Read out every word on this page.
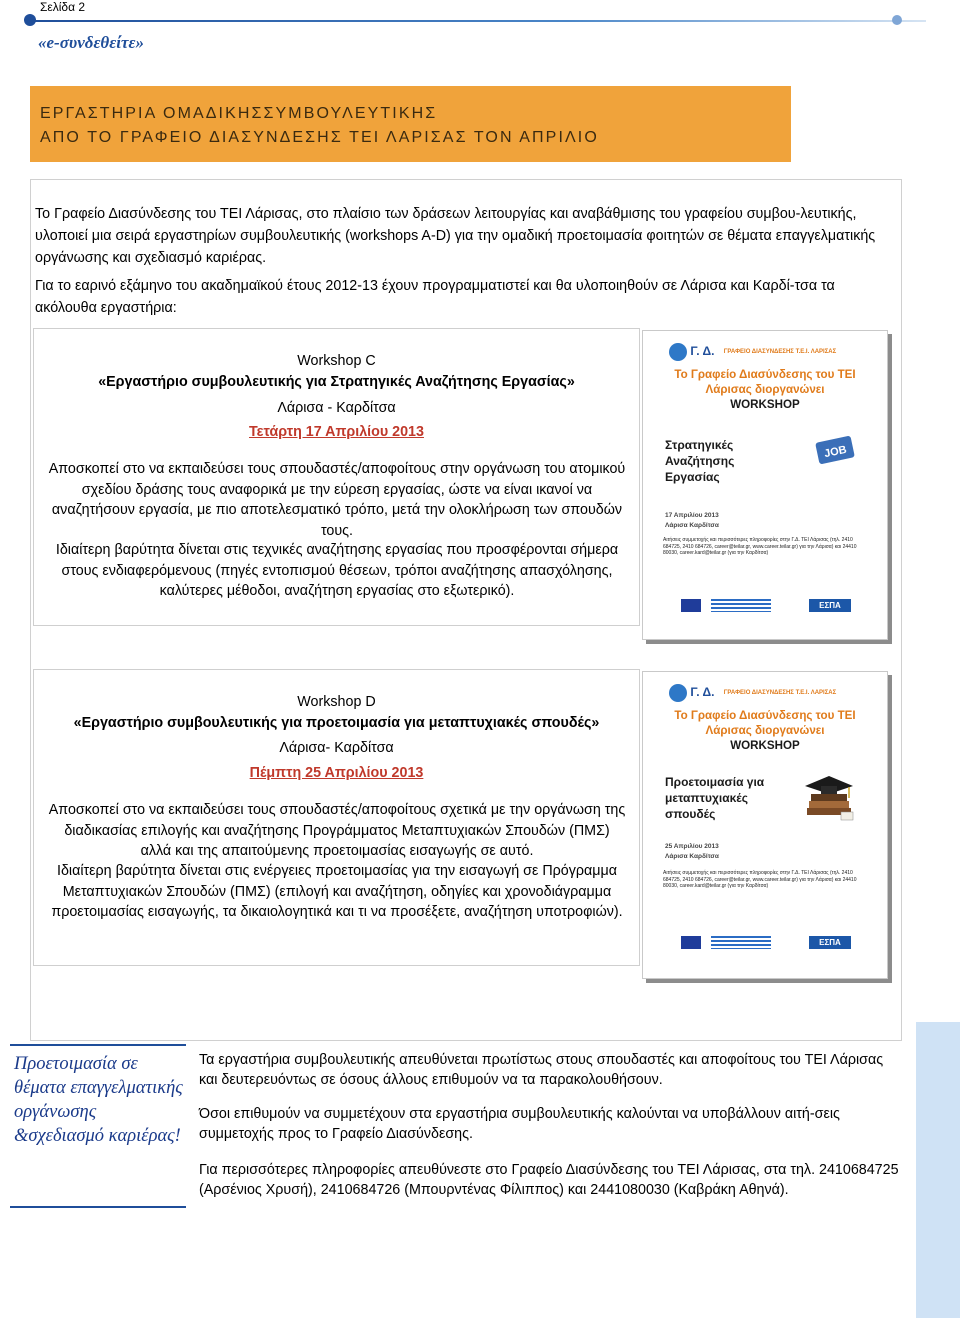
Σελίδα 2
«e-συνδεθείτε»
ΕΡΓΑΣΤΗΡΙΑ ΟΜΑΔΙΚΗΣΣΥΜΒΟΥΛΕΥΤΙΚΗΣ
ΑΠΟ ΤΟ ΓΡΑΦΕΙΟ ΔΙΑΣΥΝΔΕΣΗΣ ΤΕΙ ΛΑΡΙΣΑΣ ΤΟΝ ΑΠΡΙΛΙΟ
Το Γραφείο Διασύνδεσης του ΤΕΙ Λάρισας, στο πλαίσιο των δράσεων λειτουργίας και αναβάθμισης του γραφείου συμβου-λευτικής, υλοποιεί μια σειρά εργαστηρίων συμβουλευτικής (workshops A-D) για την ομαδική προετοιμασία φοιτητών σε θέματα επαγγελματικής οργάνωσης και σχεδιασμό καριέρας.
Για το εαρινό εξάμηνο του ακαδημαϊκού έτους 2012-13 έχουν προγραμματιστεί και θα υλοποιηθούν σε Λάρισα και Καρδί-τσα τα ακόλουθα εργαστήρια:
Workshop C
«Εργαστήριο συμβουλευτικής για Στρατηγικές Αναζήτησης Εργασίας»
Λάρισα - Καρδίτσα
Τετάρτη 17 Απριλίου 2013
Αποσκοπεί στο να εκπαιδεύσει τους σπουδαστές/αποφοίτους στην οργάνωση του ατομικού σχεδίου δράσης τους αναφορικά με την εύρεση εργασίας, ώστε να είναι ικανοί να αναζητήσουν εργασία, με πιο αποτελεσματικό τρόπο, μετά την ολοκλήρωση των σπουδών τους.
Ιδιαίτερη βαρύτητα δίνεται στις τεχνικές αναζήτησης εργασίας που προσφέρονται σήμερα στους ενδιαφερόμενους (πηγές εντοπισμού θέσεων, τρόποι αναζήτησης απασχόλησης, καλύτερες μέθοδοι, αναζήτηση εργασίας στο εξωτερικό).
Γ. Δ. ΓΡΑΦΕΙΟ ΔΙΑΣΥΝΔΕΣΗΣ Τ.Ε.Ι. ΛΑΡΙΣΑΣ
Το Γραφείο Διασύνδεσης του ΤΕΙ
Λάρισας διοργανώνει
WORKSHOP
Στρατηγικές
Αναζήτησης
Εργασίας
JOB
17 Απριλίου 2013
Λάρισα Καρδίτσα
Αιτήσεις συμμετοχής και περισσότερες πληροφορίες στην Γ.Δ. ΤΕΙ Λάρισας (τηλ. 2410 684725, 2410 684726, career@teilar.gr, www.career.teilar.gr) για την Λάρισα) και 24410 80030, career.kard@teilar.gr (για την Καρδίτσα)
ΕΣΠΑ
Workshop D
«Εργαστήριο συμβουλευτικής για προετοιμασία για μεταπτυχιακές σπουδές»
Λάρισα- Καρδίτσα
Πέμπτη 25 Απριλίου 2013
Αποσκοπεί στο να εκπαιδεύσει τους σπουδαστές/αποφοίτους σχετικά με την οργάνωση της διαδικασίας επιλογής και αναζήτησης Προγράμματος Μεταπτυχιακών Σπουδών (ΠΜΣ) αλλά και της απαιτούμενης προετοιμασίας εισαγωγής σε αυτό.
Ιδιαίτερη βαρύτητα δίνεται στις ενέργειες προετοιμασίας για την εισαγωγή σε Πρόγραμμα Μεταπτυχιακών Σπουδών (ΠΜΣ) (επιλογή και αναζήτηση, οδηγίες και χρονοδιάγραμμα προετοιμασίας εισαγωγής, τα δικαιολογητικά και τι να προσέξετε, αναζήτηση υποτροφιών).
Γ. Δ. ΓΡΑΦΕΙΟ ΔΙΑΣΥΝΔΕΣΗΣ Τ.Ε.Ι. ΛΑΡΙΣΑΣ
Το Γραφείο Διασύνδεσης του ΤΕΙ
Λάρισας διοργανώνει
WORKSHOP
Προετοιμασία για
μεταπτυχιακές
σπουδές
25 Απριλίου 2013
Λάρισα Καρδίτσα
Αιτήσεις συμμετοχής και περισσότερες πληροφορίες στην Γ.Δ. ΤΕΙ Λάρισας (τηλ. 2410 684725, 2410 684726, career@teilar.gr, www.career.teilar.gr) για την Λάρισα) και 24410 80030, career.kard@teilar.gr (για την Καρδίτσα)
ΕΣΠΑ
Προετοιμασία σε θέματα επαγγελματικής οργάνωσης &σχεδιασμό καριέρας!
Τα εργαστήρια συμβουλευτικής απευθύνεται πρωτίστως στους σπουδαστές και αποφοίτους του ΤΕΙ Λάρισας και δευτερευόντως σε όσους άλλους επιθυμούν να τα παρακολουθήσουν.
Όσοι επιθυμούν να συμμετέχουν στα εργαστήρια συμβουλευτικής καλούνται να υποβάλλουν αιτή-σεις συμμετοχής προς το Γραφείο Διασύνδεσης.
Για περισσότερες πληροφορίες απευθύνεστε στο Γραφείο Διασύνδεσης του ΤΕΙ Λάρισας, στα τηλ. 2410684725 (Αρσένιος Χρυσή), 2410684726 (Μπουρντένας Φίλιππος) και 2441080030 (Καβράκη Αθηνά).
